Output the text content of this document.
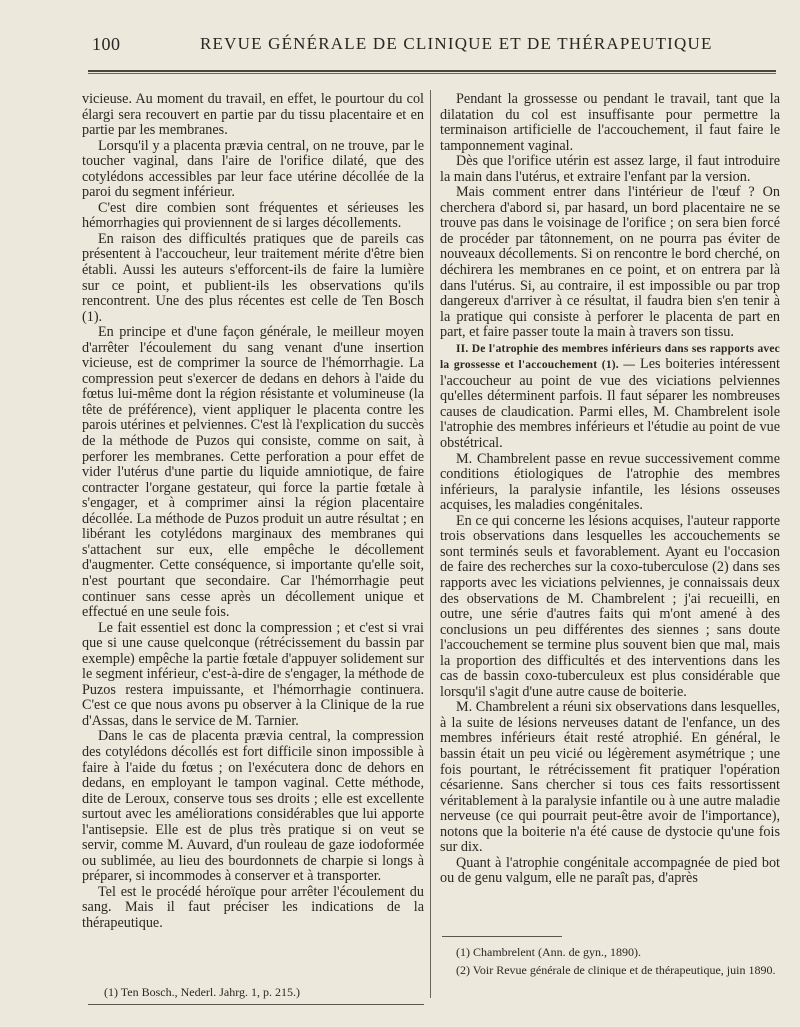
100	REVUE GÉNÉRALE DE CLINIQUE ET DE THÉRAPEUTIQUE

vicieuse. Au moment du travail, en effet, le pourtour du col élargi sera recouvert en partie par du tissu placentaire et en partie par les membranes.

Lorsqu'il y a placenta prævia central, on ne trouve, par le toucher vaginal, dans l'aire de l'orifice dilaté, que des cotylédons accessibles par leur face utérine décollée de la paroi du segment inférieur.

C'est dire combien sont fréquentes et sérieuses les hémorrhagies qui proviennent de si larges décollements.

En raison des difficultés pratiques que de pareils cas présentent à l'accoucheur, leur traitement mérite d'être bien établi. Aussi les auteurs s'efforcent-ils de faire la lumière sur ce point, et publient-ils les observations qu'ils rencontrent. Une des plus récentes est celle de Ten Bosch (1).

En principe et d'une façon générale, le meilleur moyen d'arrêter l'écoulement du sang venant d'une insertion vicieuse, est de comprimer la source de l'hémorrhagie. La compression peut s'exercer de dedans en dehors à l'aide du fœtus lui-même dont la région résistante et volumineuse (la tête de préférence), vient appliquer le placenta contre les parois utérines et pelviennes. C'est là l'explication du succès de la méthode de Puzos qui consiste, comme on sait, à perforer les membranes. Cette perforation a pour effet de vider l'utérus d'une partie du liquide amniotique, de faire contracter l'organe gestateur, qui force la partie fœtale à s'engager, et à comprimer ainsi la région placentaire décollée. La méthode de Puzos produit un autre résultat ; en libérant les cotylédons marginaux des membranes qui s'attachent sur eux, elle empêche le décollement d'augmenter. Cette conséquence, si importante qu'elle soit, n'est pourtant que secondaire. Car l'hémorrhagie peut continuer sans cesse après un décollement unique et effectué en une seule fois.

Le fait essentiel est donc la compression ; et c'est si vrai que si une cause quelconque (rétrécissement du bassin par exemple) empêche la partie fœtale d'appuyer solidement sur le segment inférieur, c'est-à-dire de s'engager, la méthode de Puzos restera impuissante, et l'hémorrhagie continuera. C'est ce que nous avons pu observer à la Clinique de la rue d'Assas, dans le service de M. Tarnier.

Dans le cas de placenta prævia central, la compression des cotylédons décollés est fort difficile sinon impossible à faire à l'aide du fœtus ; on l'exécutera donc de dehors en dedans, en employant le tampon vaginal. Cette méthode, dite de Leroux, conserve tous ses droits ; elle est excellente surtout avec les améliorations considérables que lui apporte l'antisepsie. Elle est de plus très pratique si on veut se servir, comme M. Auvard, d'un rouleau de gaze iodoformée ou sublimée, au lieu des bourdonnets de charpie si longs à préparer, si incommodes à conserver et à transporter.

Tel est le procédé héroïque pour arrêter l'écoulement du sang. Mais il faut préciser les indications de la thérapeutique.

Pendant la grossesse ou pendant le travail, tant que la dilatation du col est insuffisante pour permettre la terminaison artificielle de l'accouchement, il faut faire le tamponnement vaginal.

Dès que l'orifice utérin est assez large, il faut introduire la main dans l'utérus, et extraire l'enfant par la version.

Mais comment entrer dans l'intérieur de l'œuf ? On cherchera d'abord si, par hasard, un bord placentaire ne se trouve pas dans le voisinage de l'orifice ; on sera bien forcé de procéder par tâtonnement, on ne pourra pas éviter de nouveaux décollements. Si on rencontre le bord cherché, on déchirera les membranes en ce point, et on entrera par là dans l'utérus. Si, au contraire, il est impossible ou par trop dangereux d'arriver à ce résultat, il faudra bien s'en tenir à la pratique qui consiste à perforer le placenta de part en part, et faire passer toute la main à travers son tissu.

II. De l'atrophie des membres inférieurs dans ses rapports avec la grossesse et l'accouchement (1). — Les boiteries intéressent l'accoucheur au point de vue des viciations pelviennes qu'elles déterminent parfois. Il faut séparer les nombreuses causes de claudication. Parmi elles, M. Chambrelent isole l'atrophie des membres inférieurs et l'étudie au point de vue obstétrical.

M. Chambrelent passe en revue successivement comme conditions étiologiques de l'atrophie des membres inférieurs, la paralysie infantile, les lésions osseuses acquises, les maladies congénitales.

En ce qui concerne les lésions acquises, l'auteur rapporte trois observations dans lesquelles les accouchements se sont terminés seuls et favorablement. Ayant eu l'occasion de faire des recherches sur la coxo-tuberculose (2) dans ses rapports avec les viciations pelviennes, je connaissais deux des observations de M. Chambrelent ; j'ai recueilli, en outre, une série d'autres faits qui m'ont amené à des conclusions un peu différentes des siennes ; sans doute l'accouchement se termine plus souvent bien que mal, mais la proportion des difficultés et des interventions dans les cas de bassin coxo-tuberculeux est plus considérable que lorsqu'il s'agit d'une autre cause de boiterie.

M. Chambrelent a réuni six observations dans lesquelles, à la suite de lésions nerveuses datant de l'enfance, un des membres inférieurs était resté atrophié. En général, le bassin était un peu vicié ou légèrement asymétrique ; une fois pourtant, le rétrécissement fit pratiquer l'opération césarienne. Sans chercher si tous ces faits ressortissent véritablement à la paralysie infantile ou à une autre maladie nerveuse (ce qui pourrait peut-être avoir de l'importance), notons que la boiterie n'a été cause de dystocie qu'une fois sur dix.

Quant à l'atrophie congénitale accompagnée de pied bot ou de genu valgum, elle ne paraît pas, d'après

(1) Chambrelent (Ann. de gyn., 1890).

(2) Voir Revue générale de clinique et de thérapeutique, juin 1890.

(1) Ten Bosch., Nederl. Jahrg. 1, p. 215.)
